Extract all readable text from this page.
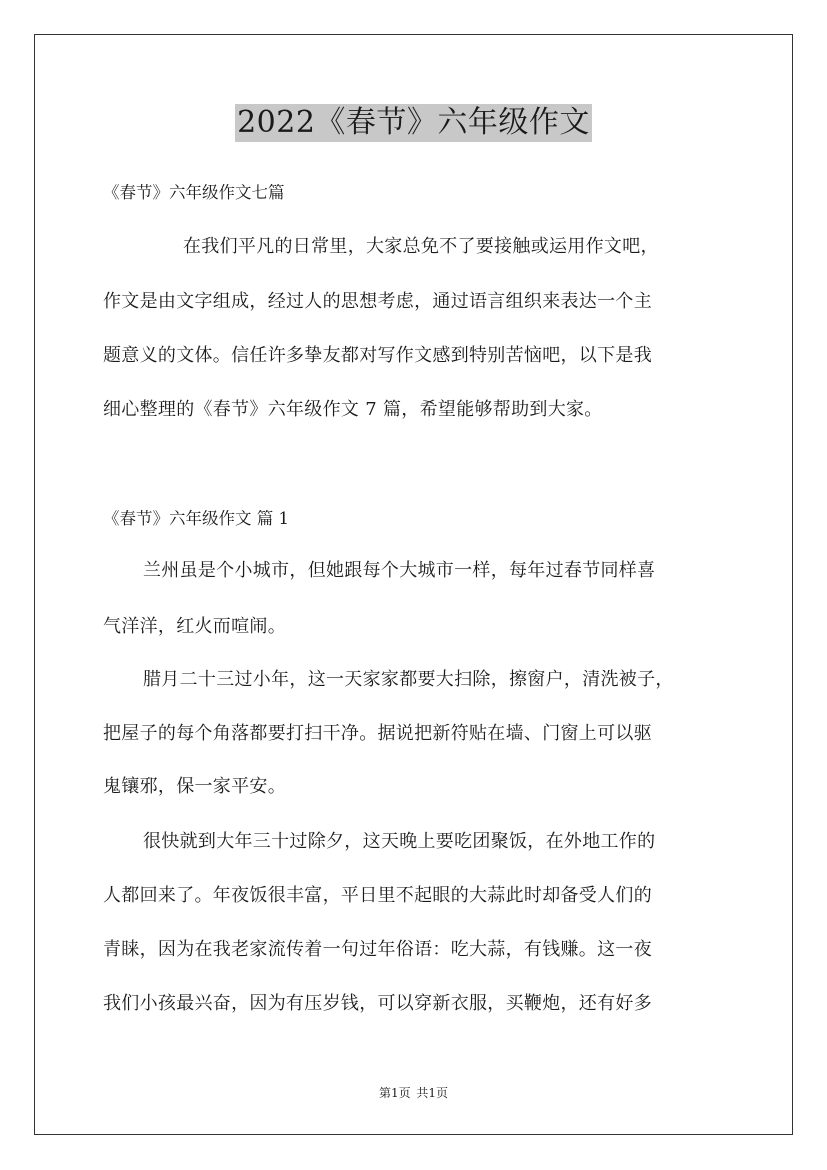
2022《春节》六年级作文
《春节》六年级作文七篇
在我们平凡的日常里，大家总免不了要接触或运用作文吧，
作文是由文字组成，经过人的思想考虑，通过语言组织来表达一个主
题意义的文体。信任许多挚友都对写作文感到特别苦恼吧，以下是我
细心整理的《春节》六年级作文 7 篇，希望能够帮助到大家。
《春节》六年级作文 篇 1
兰州虽是个小城市，但她跟每个大城市一样，每年过春节同样喜
气洋洋，红火而喧闹。
腊月二十三过小年，这一天家家都要大扫除，擦窗户，清洗被子，
把屋子的每个角落都要打扫干净。据说把新符贴在墙、门窗上可以驱
鬼镶邪，保一家平安。
很快就到大年三十过除夕，这天晚上要吃团聚饭，在外地工作的
人都回来了。年夜饭很丰富，平日里不起眼的大蒜此时却备受人们的
青睐，因为在我老家流传着一句过年俗语：吃大蒜，有钱赚。这一夜
我们小孩最兴奋，因为有压岁钱，可以穿新衣服，买鞭炮，还有好多
第1页 共1页
